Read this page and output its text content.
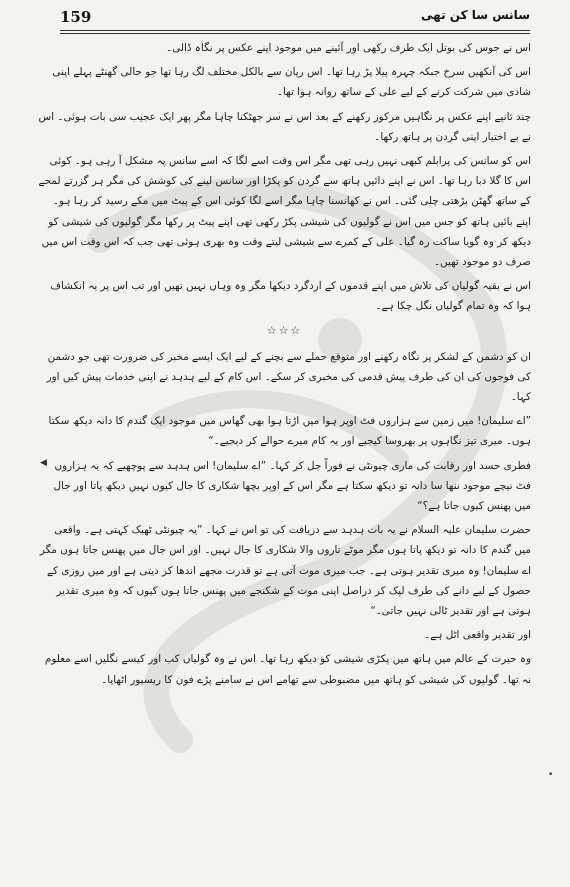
159	سانس سا کن تھی

اس نے جوس کی بوتل ایک طرف رکھی اور آئینے میں موجود اپنے عکس پر نگاہ ڈالی۔

اس کی آنکھیں سرخ جبکہ چہرہ پیلا پڑ رہا تھا۔ اس رپان سے بالکل مختلف لگ رہا تھا جو حالی گھنٹے پہلے اپنی شادی میں شرکت کرنے کے لیے علی کے ساتھ روانہ ہوا تھا۔

چند ثانیے اپنے عکس پر نگاہیں مرکوز رکھنے کے بعد اس نے سر جھٹکنا چاہا مگر پھر ایک عجیب سی بات ہوئی۔ اس نے بے اختیار اپنی گردن پر ہاتھ رکھا۔

اس کو سانس کی پرابلم کبھی نہیں رہی تھی مگر اس وقت اسے لگا کہ اسے سانس پہ مشکل آ رہی ہو۔ کوئی اس کا گلا دبا رہا تھا۔ اس نے اپنے دائیں ہاتھ سے گردن کو پکڑا اور سانس لینے کی کوشش کی مگر ہر گزرتے لمحے کے ساتھ گھٹن بڑھتی چلی گئی۔ اس نے کھانسنا چاہا مگر اسے لگا کوئی اس کے پیٹ میں مکے رسید کر رہا ہو۔ اپنے بائیں ہاتھ کو جس میں اس نے گولیوں کی شیشی پکڑ رکھی تھی اپنے پیٹ پر رکھا مگر گولیوں کی شیشی کو دیکھ کر وہ گویا ساکت رہ گیا۔ علی کے کمرے سے شیشی لیتے وقت وہ بھری ہوئی تھی جب کہ اس وقت اس میں صرف دو موجود تھیں۔

اس نے بقیہ گولیاں کی تلاش میں اپنے قدموں کے اردگرد دیکھا مگر وہ وہاں نہیں تھیں اور تب اس پر یہ انکشاف ہوا کہ وہ تمام گولیاں نگل چکا ہے۔

☆☆☆

ان کو دشمن کے لشکر پر نگاہ رکھنے اور متوقع حملے سے بچنے کے لیے ایک ایسے مخبر کی ضرورت تھی جو دشمن کی فوجوں کی ان کی طرف پیش قدمی کی مخبری کر سکے۔ اس کام کے لیے ہدہد نے اپنی خدمات پیش کیں اور کہا۔

”اے سلیمان! میں زمین سے ہزاروں فٹ اوپر ہوا میں اڑتا ہوا بھی گھاس میں موجود ایک گندم کا دانہ دیکھ سکتا ہوں۔ میری تیز نگاہوں پر بھروسا کیجیے اور یہ کام میرے حوالے کر دیجیے۔“

فطری حسد اور رقابت کی ماری چیونٹی نے فوراً جل کر کہا۔ ”اے سلیمان! اس ہدہد سے پوچھیے کہ یہ ہزاروں فٹ نیچے موجود ننھا سا دانہ تو دیکھ سکتا ہے مگر اس کے اوپر بچھا شکاری کا جال کیوں نہیں دیکھ پاتا اور جال میں پھنس کیوں جاتا ہے؟“

حضرت سلیمان علیہ السلام نے یہ بات ہدہد سے دریافت کی تو اس نے کہا۔ ”یہ چیونٹی ٹھیک کہتی ہے۔ واقعی میں گندم کا دانہ تو دیکھ پاتا ہوں مگر موٹے تاروں والا شکاری کا جال نہیں۔ اور اس جال میں پھنس جاتا ہوں مگر اے سلیمان! وہ میری تقدیر ہوتی ہے۔ جب میری موت آتی ہے تو قدرت مجھے اندھا کر دیتی ہے اور میں روزی کے حصول کے لیے دانے کی طرف لپک کر دراصل اپنی موت کے شکنجے میں پھنس جاتا ہوں کیوں کہ وہ میری تقدیر ہوتی ہے اور تقدیر ٹالی نہیں جاتی۔“

اور تقدیر واقعی اٹل ہے۔

وہ حیرت کے عالم میں ہاتھ میں پکڑی شیشی کو دیکھ رہا تھا۔ اس نے وہ گولیاں کب اور کیسے نگلیں اسے معلوم نہ تھا۔ گولیوں کی شیشی کو ہاتھ میں مضبوطی سے تھامے اس نے سامنے پڑے فون کا ریسیور اٹھایا۔

◀
•
